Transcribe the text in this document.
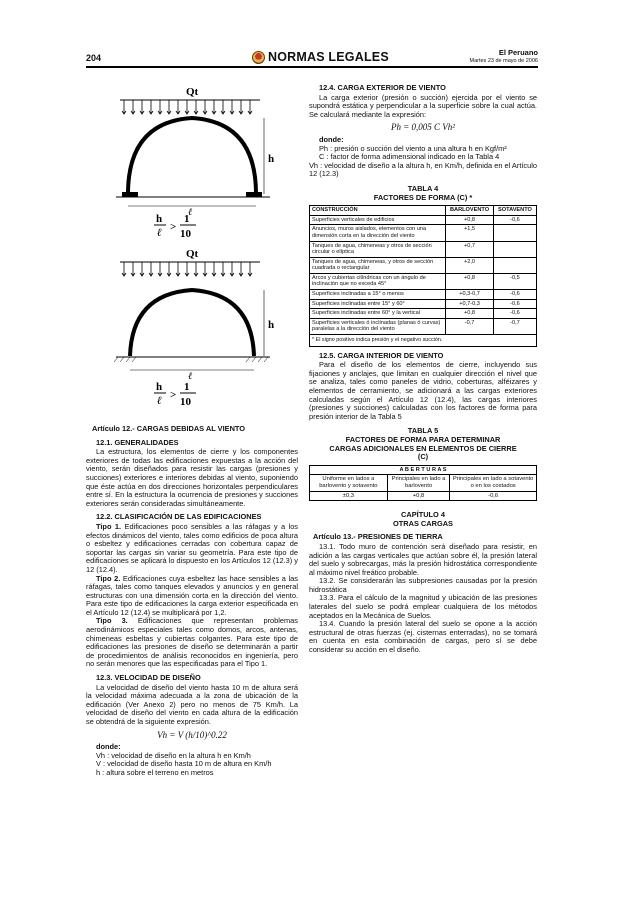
204	NORMAS LEGALES	El Peruano
Martes 23 de mayo de 2006
Qt
h
ℓ
h
ℓ >
1
10
Qt
h
ℓ
h
ℓ >
1
10
Artículo 12.- CARGAS DEBIDAS AL VIENTO
12.1. GENERALIDADES

La estructura, los elementos de cierre y los componentes exteriores de todas las edificaciones expuestas a la acción del viento, serán diseñados para resistir las cargas (presiones y succiones) exteriores e interiores debidas al viento, suponiendo que éste actúa en dos direcciones horizontales perpendiculares entre sí. En la estructura la ocurrencia de presiones y succiones exteriores serán consideradas simultáneamente.

12.2. CLASIFICACIÓN DE LAS EDIFICACIONES

Tipo 1. Edificaciones poco sensibles a las ráfagas y a los efectos dinámicos del viento, tales como edificios de poca altura o esbeltez y edificaciones cerradas con cobertura capaz de soportar las cargas sin variar su geometría. Para este tipo de edificaciones se aplicará lo dispuesto en los Artículos 12 (12.3) y 12 (12.4).

Tipo 2. Edificaciones cuya esbeltez las hace sensibles a las ráfagas, tales como tanques elevados y anuncios y en general estructuras con una dimensión corta en la dirección del viento. Para este tipo de edificaciones la carga exterior especificada en el Artículo 12 (12.4) se multiplicará por 1,2.

Tipo 3. Edificaciones que representan problemas aerodinámicos especiales tales como domos, arcos, antenas, chimeneas esbeltas y cubiertas colgantes. Para este tipo de edificaciones las presiones de diseño se determinarán a partir de procedimientos de análisis reconocidos en ingeniería, pero no serán menores que las especificadas para el Tipo 1.

12.3. VELOCIDAD DE DISEÑO

La velocidad de diseño del viento hasta 10 m de altura será la velocidad máxima adecuada a la zona de ubicación de la edificación (Ver Anexo 2) pero no menos de 75 Km/h. La velocidad de diseño del viento en cada altura de la edificación se obtendrá de la siguiente expresión.

Vh = V (h/10)^0.22

donde:

Vh : velocidad de diseño en la altura h en Km/h

V : velocidad de diseño hasta 10 m de altura en Km/h

h : altura sobre el terreno en metros

12.4. CARGA EXTERIOR DE VIENTO

La carga exterior (presión o succión) ejercida por el viento se supondrá estática y perpendicular a la superficie sobre la cual actúa. Se calculará mediante la expresión:

Ph = 0,005 C Vh²

donde:

Ph : presión o succión del viento a una altura h en Kgf/m²

C : factor de forma adimensional indicado en la Tabla 4

Vh : velocidad de diseño a la altura h, en Km/h, definida en el Artículo 12 (12.3)

TABLA 4
FACTORES DE FORMA (C) *
CONSTRUCCIÓN	BARLOVENTO	SOTAVENTO
Superficies verticales de edificios	+0,8	-0,6
Anuncios, muros aislados, elementos con una dimensión corta en la dirección del viento	+1,5	
Tanques de agua, chimeneas y otros de sección circular o elíptica	+0,7	
Tanques de agua, chimeneas, y otros de sección cuadrada o rectangular	+2,0	
Arcos y cubiertas cilíndricas con un ángulo de inclinación que no exceda 45°	+0,8	-0,5
Superficies inclinadas a 15° o menos	+0,3-0,7	-0,6
Superficies inclinadas entre 15° y 60°	+0,7-0,3	-0,6
Superficies inclinadas entre 60° y la vertical	+0,8	-0,6
Superficies verticales ó inclinadas (planas ó curvas) paralelas a la dirección del viento	-0,7	-0,7
* El signo positivo indica presión y el negativo succión.
12.5. CARGA INTERIOR DE VIENTO

Para el diseño de los elementos de cierre, incluyendo sus fijaciones y anclajes, que limitan en cualquier dirección el nivel que se analiza, tales como paneles de vidrio, coberturas, alféizares y elementos de cerramiento, se adicionará a las cargas exteriores calculadas según el Artículo 12 (12.4), las cargas interiores (presiones y succiones) calculadas con los factores de forma para presión interior de la Tabla 5

TABLA 5
FACTORES DE FORMA PARA DETERMINAR CARGAS ADICIONALES EN ELEMENTOS DE CIERRE (C)
A B E R T U R A S		
Uniforme en lados a barlovento y sotavento	Principales en lado a barlovento	Principales en lado a sotavento o en los costados
±0,3	+0,8	-0,6
CAPÍTULO 4
OTRAS CARGAS
Artículo 13.- PRESIONES DE TIERRA

13.1. Todo muro de contención será diseñado para resistir, en adición a las cargas verticales que actúan sobre él, la presión lateral del suelo y sobrecargas, más la presión hidrostática correspondiente al máximo nivel freático probable.

13.2. Se considerarán las subpresiones causadas por la presión hidrostática

13.3. Para el cálculo de la magnitud y ubicación de las presiones laterales del suelo se podrá emplear cualquiera de los métodos aceptados en la Mecánica de Suelos.

13.4. Cuando la presión lateral del suelo se opone a la acción estructural de otras fuerzas (ej. cisternas enterradas), no se tomará en cuenta en esta combinación de cargas, pero sí se debe considerar su acción en el diseño.
